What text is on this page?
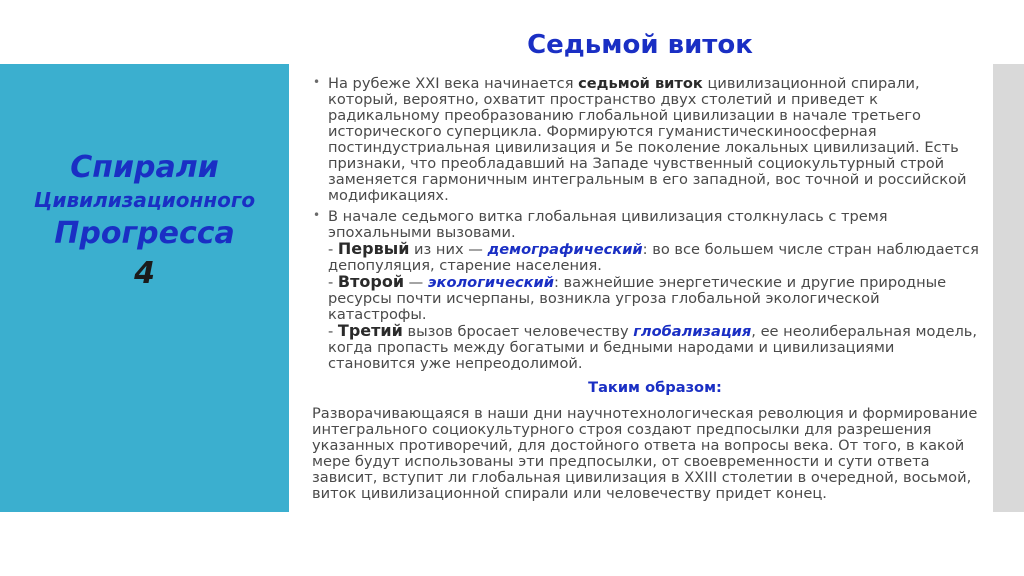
Спирали
Цивилизационного
Прогресса
4
Седьмой виток
• На рубеже XXI века начинается седьмой виток цивилизационной спирали, который, вероятно, охватит пространство двух столетий и приведет к радикальному преобразованию глобальной цивилизации в начале третьего исторического суперцикла. Формируются гуманистическиноосферная постиндустриальная цивилизация и 5е поколение локальных цивилизаций. Есть признаки, что преобладавший на Западе чувственный социокультурный строй заменяется гармоничным интегральным в его западной, вос точной и российской модификациях.
• В начале седьмого витка глобальная цивилизация столкнулась с тремя эпохальными вызовами.
- Первый из них — демографический: во все большем числе стран наблюдается депопуляция, старение населения.
- Второй — экологический: важнейшие энергетические и другие природные ресурсы почти исчерпаны, возникла угроза глобальной экологической катастрофы.
- Третий вызов бросает человечеству глобализация, ее неолиберальная модель, когда пропасть между богатыми и бедными народами и цивилизациями становится уже непреодолимой.
Таким образом:

Разворачивающаяся в наши дни научнотехнологическая революция и формирование интегрального социокультурного строя создают предпосылки для разрешения указанных противоречий, для достойного ответа на вопросы века. От того, в какой мере будут использованы эти предпосылки, от своевременности и сути ответа зависит, вступит ли глобальная цивилизация в XXIII столетии в очередной, восьмой, виток цивилизационной спирали или человечеству придет конец.
